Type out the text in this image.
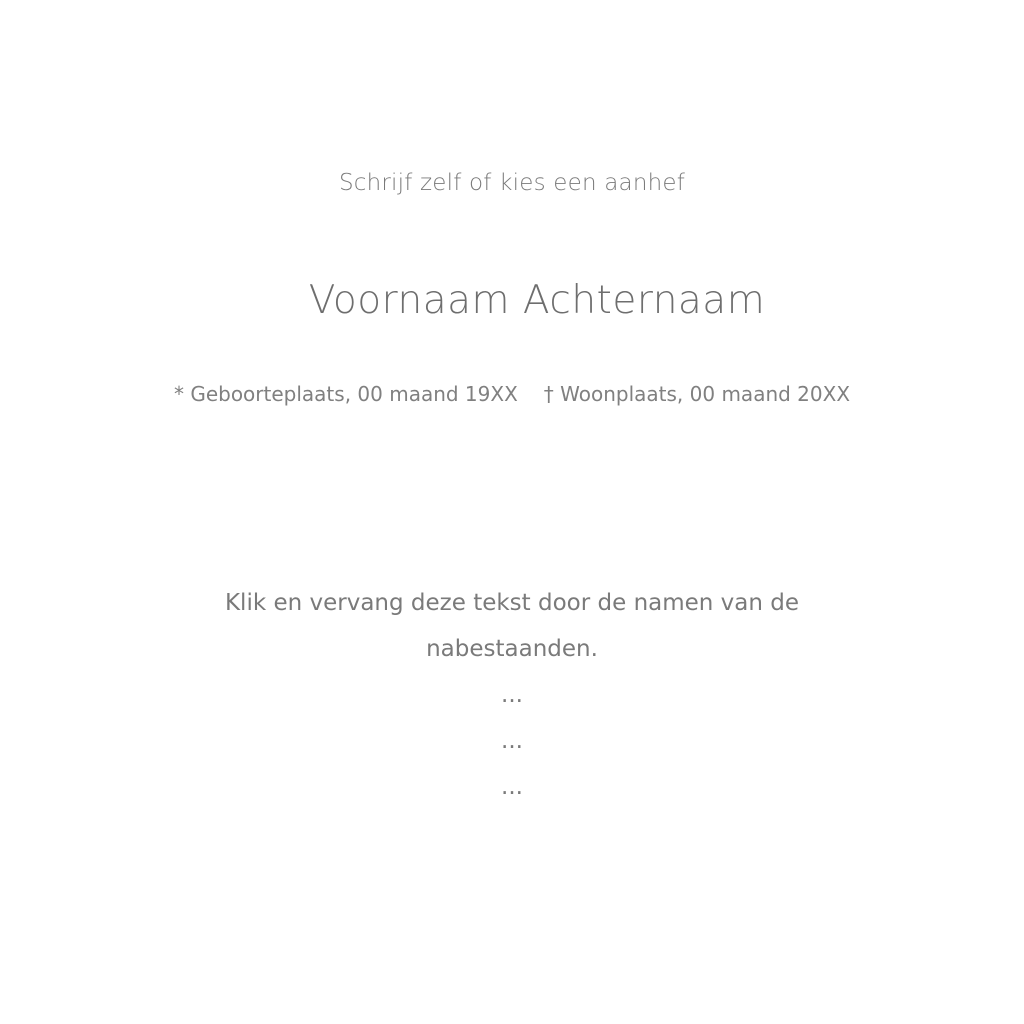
Schrijf zelf of kies een aanhef
Voornaam Achternaam
* Geboorteplaats, 00 maand 19XX † Woonplaats, 00 maand 20XX
Klik en vervang deze tekst door de namen van de nabestaanden.
...
...
...
